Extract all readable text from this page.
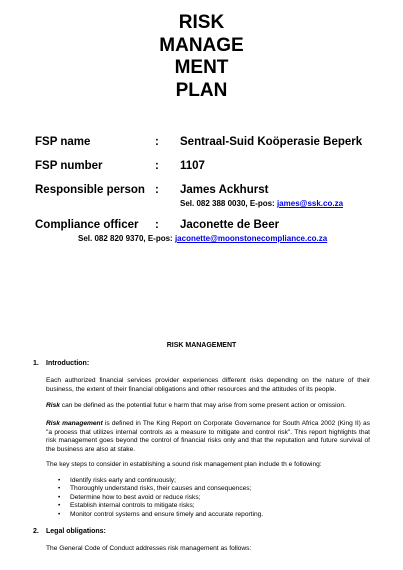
RISK
MANAGE
MENT
PLAN
FSP name	: Sentraal-Suid Koöperasie Beperk
FSP number	: 1107
Responsible person : James Ackhurst
Sel. 082 388 0030, E-pos: james@ssk.co.za
Compliance officer : Jaconette de Beer
Sel. 082 820 9370, E-pos: jaconette@moonstonecompliance.co.za
RISK MANAGEMENT
1. Introduction:
Each authorized financial services provider experiences different risks depending on the nature of their business, the extent of their financial obligations and other resources and the attitudes of its people.
Risk can be defined as the potential futur e harm that may arise from some present action or omission.
Risk management is defined in The King Report on Corporate Governance for South Africa 2002 (King II) as "a process that utilizes internal controls as a measure to mitigate and control risk". This report highlights that risk management goes beyond the control of financial risks only and that the reputation and future survival of the business are also at stake.
The key steps to consider in establishing a sound risk management plan include th e following:
• Identify risks early and continuously;
• Thoroughly understand risks, their causes and consequences;
• Determine how to best avoid or reduce risks;
• Establish internal controls to mitigate risks;
• Monitor control systems and ensure timely and accurate reporting.
2. Legal obligations:
The General Code of Conduct addresses risk management as follows:
